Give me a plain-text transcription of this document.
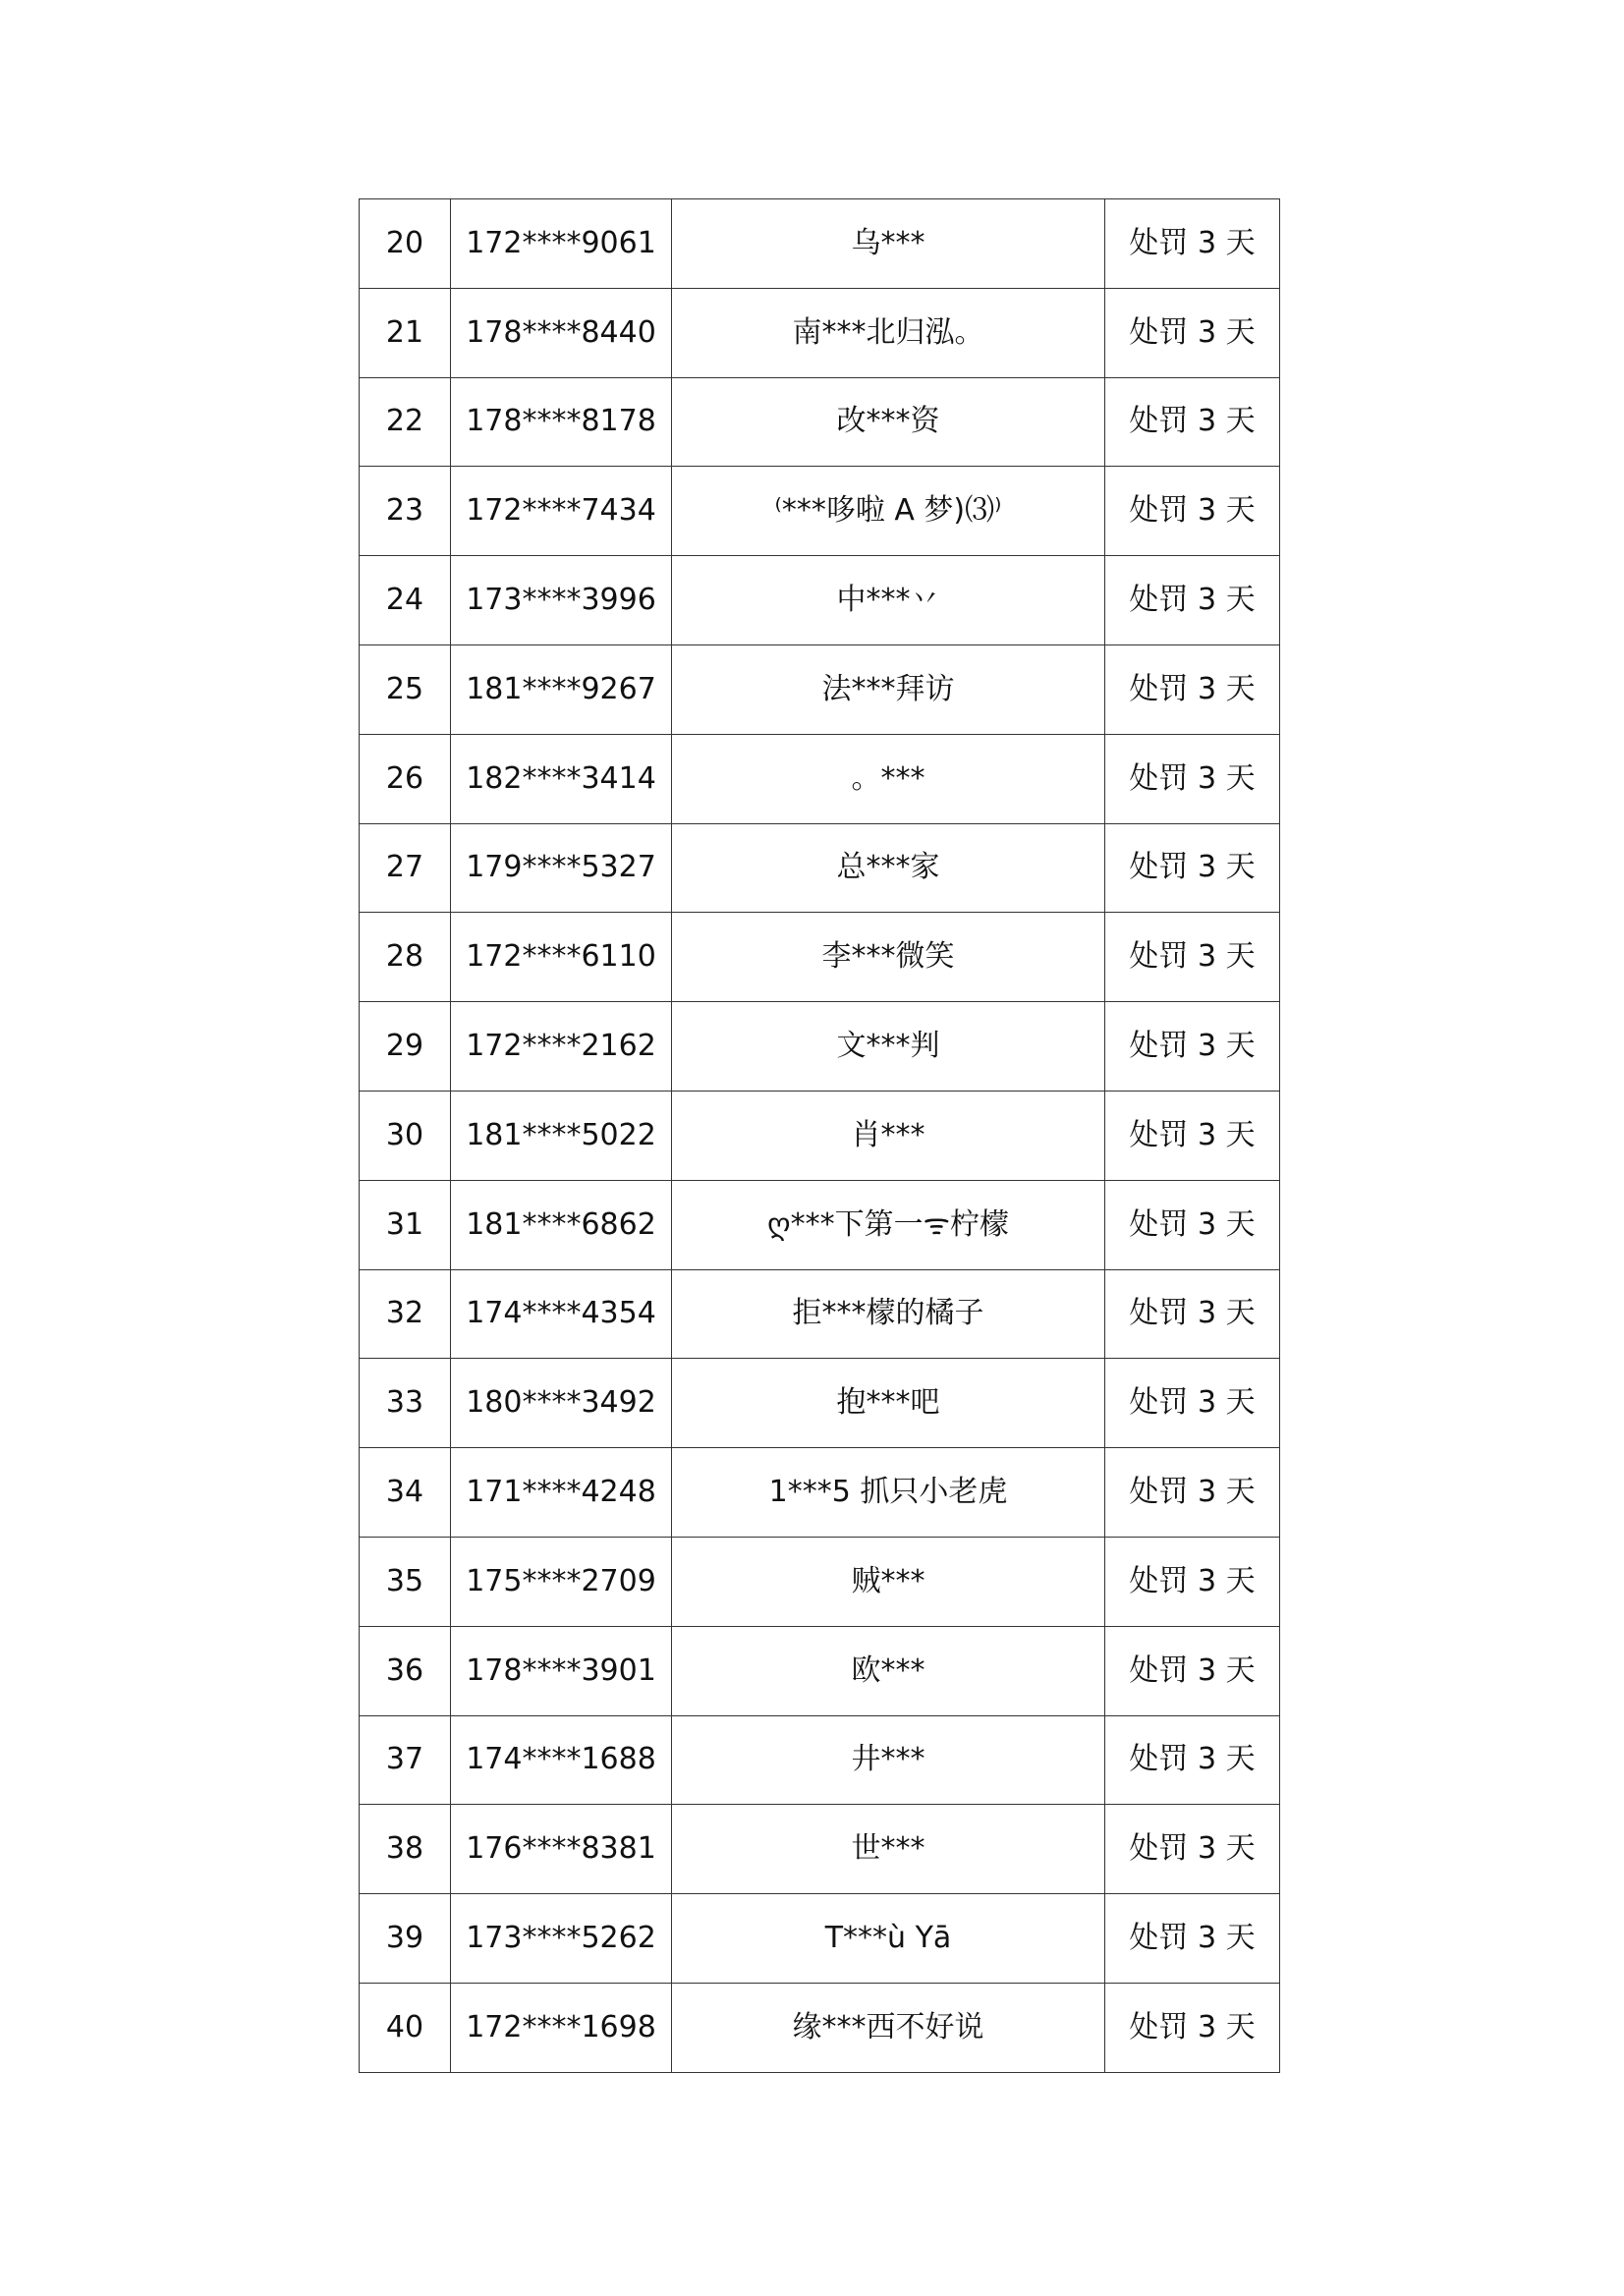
20	172****9061	乌***	处罚 3 天
21	178****8440	南***北归泓。	处罚 3 天
22	178****8178	改***资	处罚 3 天
23	172****7434	⁽***哆啦 A 梦)⑶⁾	处罚 3 天
24	173****3996	中***丷	处罚 3 天
25	181****9267	法***拜访	处罚 3 天
26	182****3414	。***	处罚 3 天
27	179****5327	总***家	处罚 3 天
28	172****6110	李***微笑	处罚 3 天
29	172****2162	文***判	处罚 3 天
30	181****5022	肖***	处罚 3 天
31	181****6862	ღ***下第一ᯤ柠檬	处罚 3 天
32	174****4354	拒***檬的橘子	处罚 3 天
33	180****3492	抱***吧	处罚 3 天
34	171****4248	1***5 抓只小老虎	处罚 3 天
35	175****2709	贼***	处罚 3 天
36	178****3901	欧***	处罚 3 天
37	174****1688	井***	处罚 3 天
38	176****8381	世***	处罚 3 天
39	173****5262	T***ù Yā	处罚 3 天
40	172****1698	缘***西不好说	处罚 3 天
